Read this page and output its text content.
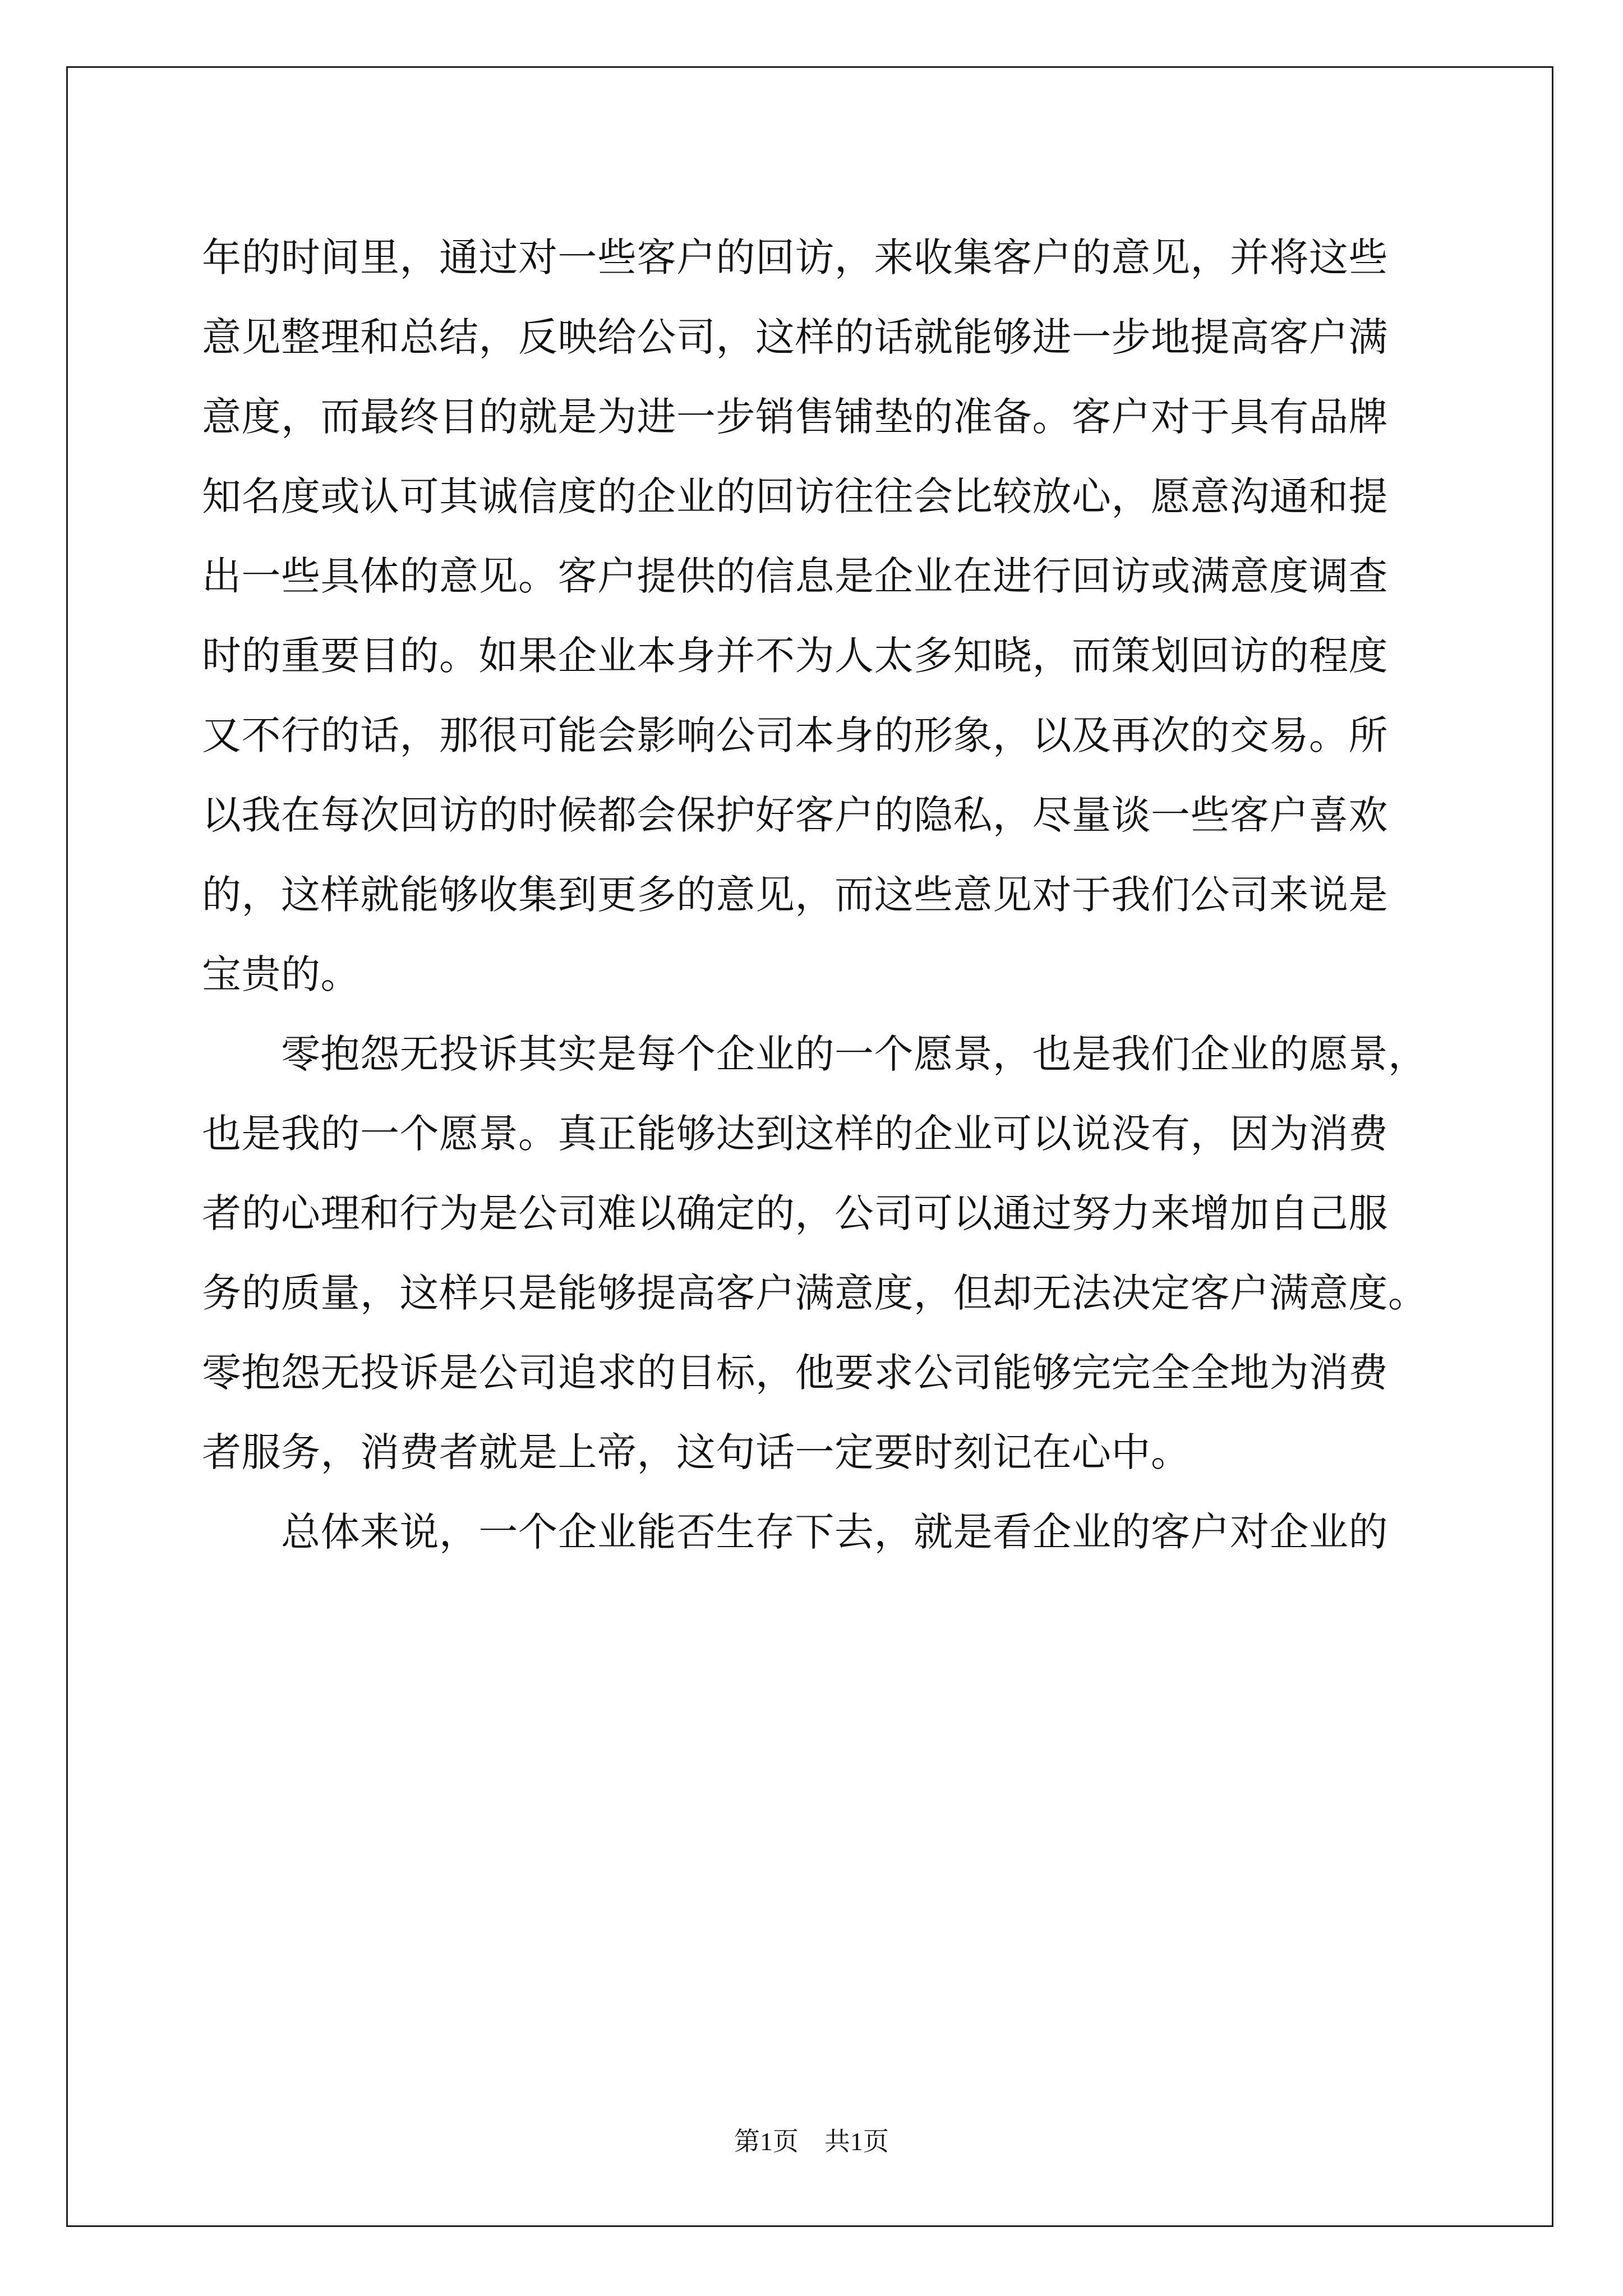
年的时间里，通过对一些客户的回访，来收集客户的意见，并将这些
意见整理和总结，反映给公司，这样的话就能够进一步地提高客户满
意度，而最终目的就是为进一步销售铺垫的准备。客户对于具有品牌
知名度或认可其诚信度的企业的回访往往会比较放心，愿意沟通和提
出一些具体的意见。客户提供的信息是企业在进行回访或满意度调查
时的重要目的。如果企业本身并不为人太多知晓，而策划回访的程度
又不行的话，那很可能会影响公司本身的形象，以及再次的交易。所
以我在每次回访的时候都会保护好客户的隐私，尽量谈一些客户喜欢
的，这样就能够收集到更多的意见，而这些意见对于我们公司来说是
宝贵的。
　　零抱怨无投诉其实是每个企业的一个愿景，也是我们企业的愿景，
也是我的一个愿景。真正能够达到这样的企业可以说没有，因为消费
者的心理和行为是公司难以确定的，公司可以通过努力来增加自己服
务的质量，这样只是能够提高客户满意度，但却无法决定客户满意度。
零抱怨无投诉是公司追求的目标，他要求公司能够完完全全地为消费
者服务，消费者就是上帝，这句话一定要时刻记在心中。
　　总体来说，一个企业能否生存下去，就是看企业的客户对企业的
第1页　共1页
